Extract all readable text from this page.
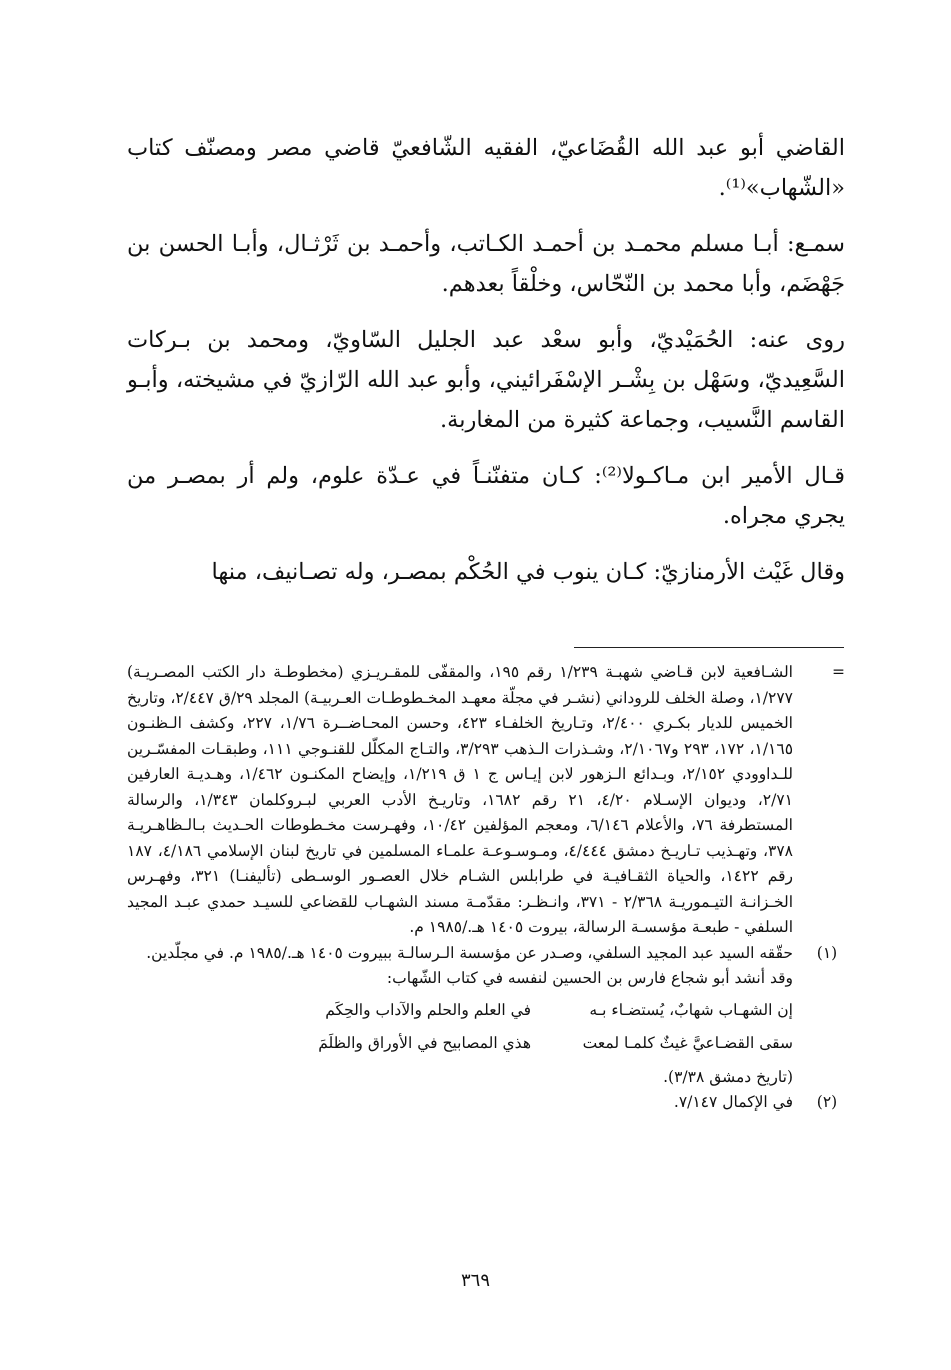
القاضي أبو عبد الله القُضَاعيّ، الفقيه الشّافعيّ قاضي مصر ومصنّف كتاب «الشّهاب»⁽¹⁾.

سمـع: أبـا مسلم محمـد بن أحمـد الكـاتب، وأحمـد بن ثَرْثـال، وأبـا الحسن بن جَهْضَم، وأبا محمد بن النّحّاس، وخلْقاً بعدهم.

روى عنه: الحُمَيْديّ، وأبو سعْد عبد الجليل السّاويّ، ومحمد بن بـركات السَّعِيديّ، وسَهْل بن بِشْـر الإسْفَرائيني، وأبو عبد الله الرّازيّ في مشيخته، وأبـو القاسم النَّسيب، وجماعة كثيرة من المغاربة.

قـال الأمير ابن مـاكـولا⁽²⁾: كـان متفنّنـاً في عـدّة علوم، ولم أر بمصـر من يجري مجراه.

وقال غَيْث الأرمنازيّ: كـان ينوب في الحُكْم بمصـر، وله تصـانيف، منها

=
الشـافعية لابن قـاضي شهبـة ١/٢٣٩ رقم ١٩٥، والمقفّى للمقـريـزي (مخطوطـة دار الكتب المصـريـة) ١/٢٧٧، وصلة الخلف للروداني (نشـر في مجلّة معهـد المخـطوطـات العـربيـة) المجلد ٢٩/ق ٢/٤٤٧، وتاريخ الخميس للديار بكـري ٢/٤٠٠، وتـاريخ الخلفـاء ٤٢٣، وحسن المحـاضــرة ١/٧٦، ٢٢٧، وكشف الـظنـون ١/١٦٥، ١٧٢، ٢٩٣ و٢/١٠٦٧، وشـذرات الـذهب ٣/٢٩٣، والتـاج المكلّل للقنـوجي ١١١، وطبقـات المفسّـرين للـداوودي ٢/١٥٢، وبـدائع الـزهور لابن إيـاس ج ١ ق ١/٢١٩، وإيضاح المكنـون ١/٤٦٢، وهـديـة العارفين ٢/٧١، وديوان الإسـلام ٤/٢٠، ٢١ رقم ١٦٨٢، وتاريـخ الأدب العربي لبـروكلمان ١/٣٤٣، والرسالة المستطرفة ٧٦، والأعلام ٦/١٤٦، ومعجم المؤلفين ١٠/٤٢، وفهـرست مخـطوطات الحـديث بـالـظاهـريـة ٣٧٨، وتهـذيب تـاريـخ دمشق ٤/٤٤٤، ومـوسـوعـة علمـاء المسلمين في تاريخ لبنان الإسلامي ٤/١٨٦، ١٨٧ رقم ١٤٢٢، والحياة الثقـافيـة في طرابلس الشـام خلال العصـور الوسـطى (تأليفنـا) ٣٢١، وفهـرس الخـزانـة التيـموريـة ٢/٣٦٨ - ٣٧١، وانـظـر: مقدّمـة مسند الشهـاب للقضاعي للسيـد حمدي عبـد المجيد السلفي - طبعـة مؤسسـة الرسالة، بيروت ١٤٠٥ هـ./١٩٨٥ م.
(١)
حقّقه السيد عبد المجيد السلفي، وصـدر عن مؤسسة الـرسالـة ببيروت ١٤٠٥ هـ./١٩٨٥ م. في مجلّدين. وقد أنشد أبو شجاع فارس بن الحسين لنفسه في كتاب الشّهاب:
إن الشهـاب شهابٌ، يُستضـاء بـه
في العلم والحلم والآداب والحِكَم
سقى القضـاعيَّ غيثٌ كلمـا لمعت
هذي المصابيح في الأوراق والظلَمَ
(تاريخ دمشق ٣/٣٨).
(٢)
في الإكمال ٧/١٤٧.
٣٦٩
